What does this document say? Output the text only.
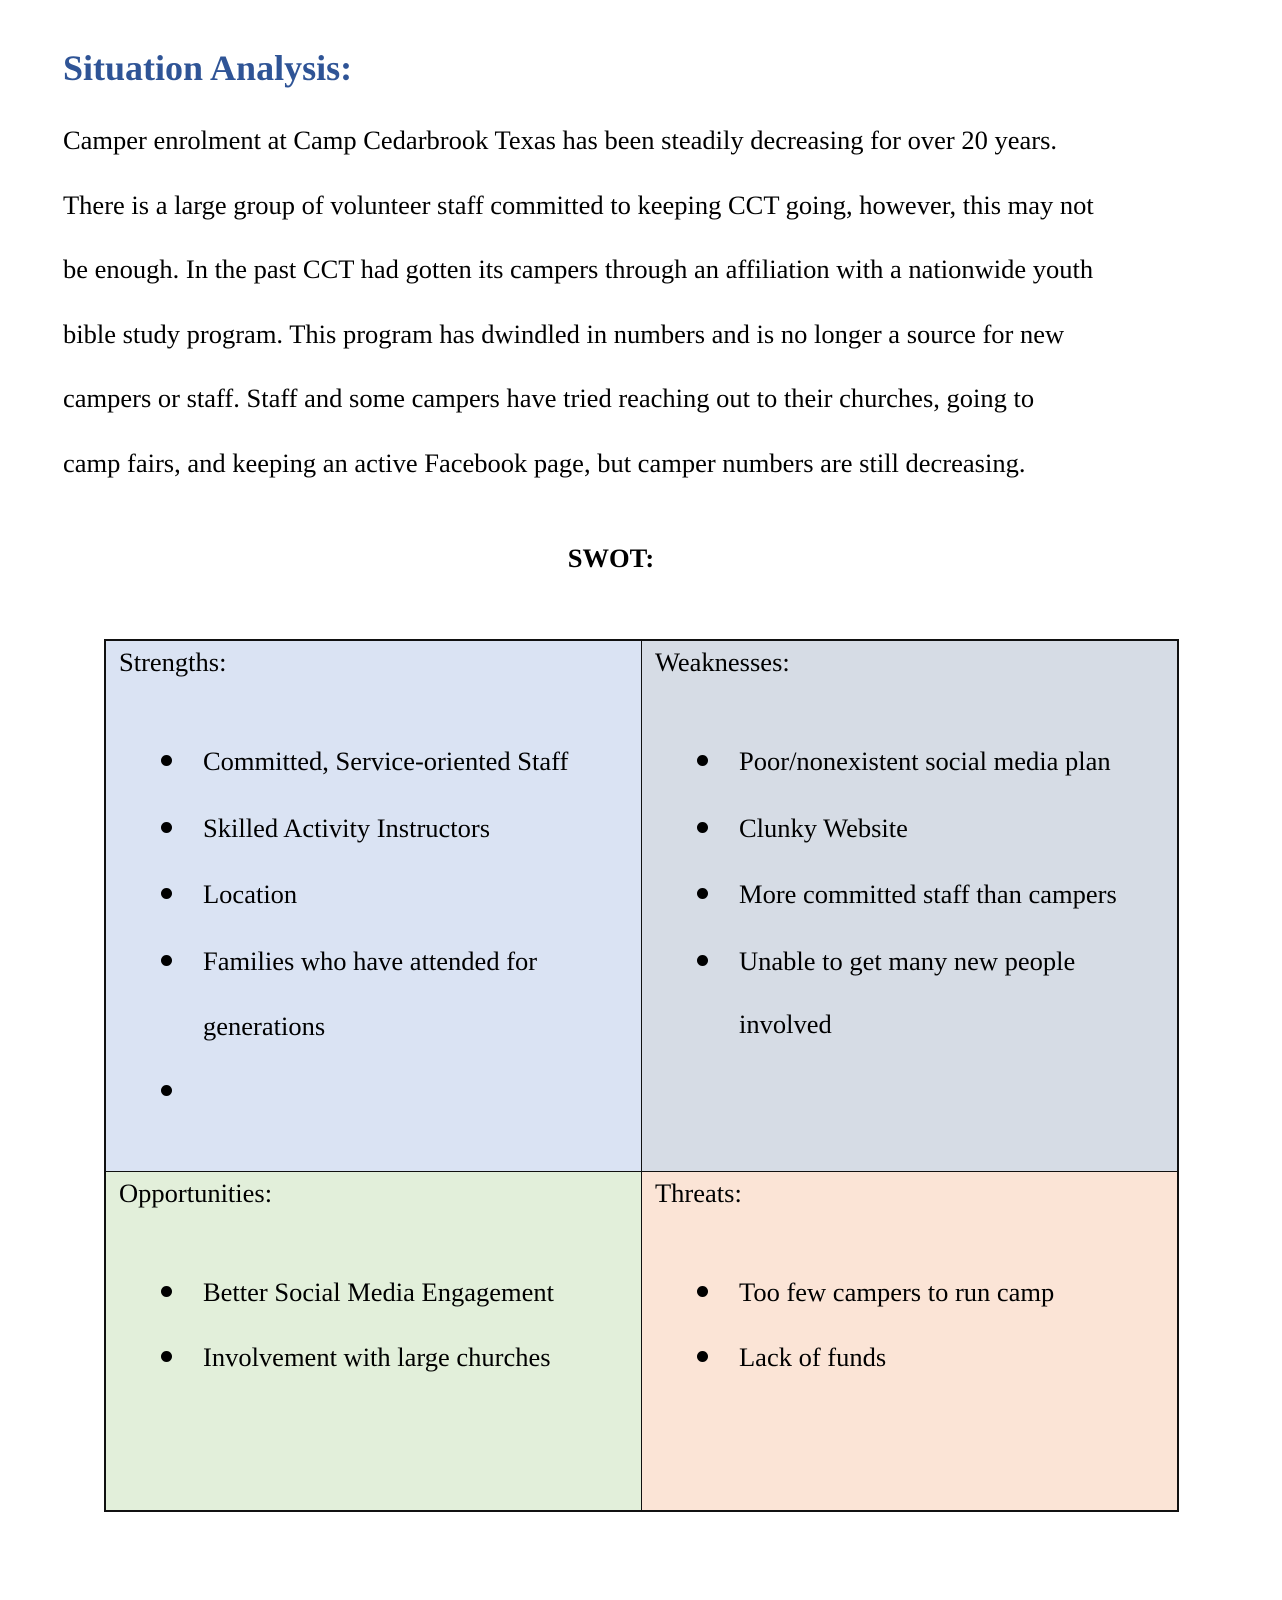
Situation Analysis:
Camper enrolment at Camp Cedarbrook Texas has been steadily decreasing for over 20 years.
There is a large group of volunteer staff committed to keeping CCT going, however, this may not
be enough. In the past CCT had gotten its campers through an affiliation with a nationwide youth
bible study program. This program has dwindled in numbers and is no longer a source for new
campers or staff. Staff and some campers have tried reaching out to their churches, going to
camp fairs, and keeping an active Facebook page, but camper numbers are still decreasing.
SWOT:
Strengths:
Committed, Service-oriented Staff
Skilled Activity Instructors
Location
Families who have attended for
generations
Weaknesses:
Poor/nonexistent social media plan
Clunky Website
More committed staff than campers
Unable to get many new people
involved
Opportunities:
Better Social Media Engagement
Involvement with large churches
Threats:
Too few campers to run camp
Lack of funds
